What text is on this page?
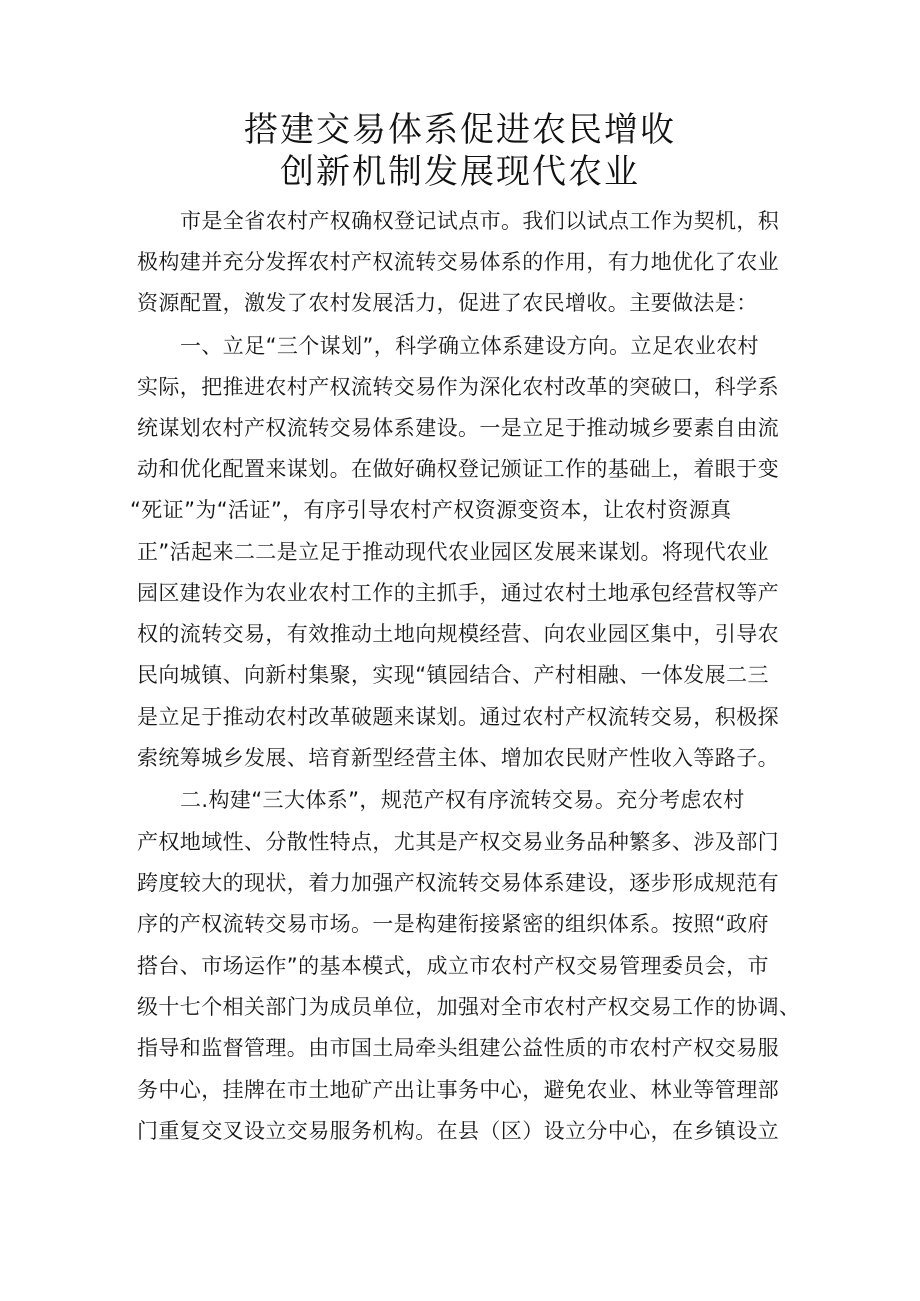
搭建交易体系促进农民增收
创新机制发展现代农业
市是全省农村产权确权登记试点市。我们以试点工作为契机，积
极构建并充分发挥农村产权流转交易体系的作用，有力地优化了农业
资源配置，激发了农村发展活力，促进了农民增收。主要做法是：
一、立足“三个谋划”，科学确立体系建设方向。立足农业农村
实际，把推进农村产权流转交易作为深化农村改革的突破口，科学系
统谋划农村产权流转交易体系建设。一是立足于推动城乡要素自由流
动和优化配置来谋划。在做好确权登记颁证工作的基础上，着眼于变
“死证”为“活证”，有序引导农村产权资源变资本，让农村资源真
正”活起来二二是立足于推动现代农业园区发展来谋划。将现代农业
园区建设作为农业农村工作的主抓手，通过农村土地承包经营权等产
权的流转交易，有效推动土地向规模经营、向农业园区集中，引导农
民向城镇、向新村集聚，实现“镇园结合、产村相融、一体发展二三
是立足于推动农村改革破题来谋划。通过农村产权流转交易，积极探
索统筹城乡发展、培育新型经营主体、增加农民财产性收入等路子。
二.构建“三大体系”，规范产权有序流转交易。充分考虑农村
产权地域性、分散性特点，尤其是产权交易业务品种繁多、涉及部门
跨度较大的现状，着力加强产权流转交易体系建设，逐步形成规范有
序的产权流转交易市场。一是构建衔接紧密的组织体系。按照“政府
搭台、市场运作”的基本模式，成立市农村产权交易管理委员会，市
级十七个相关部门为成员单位，加强对全市农村产权交易工作的协调、
指导和监督管理。由市国土局牵头组建公益性质的市农村产权交易服
务中心，挂牌在市土地矿产出让事务中心，避免农业、林业等管理部
门重复交叉设立交易服务机构。在县（区）设立分中心，在乡镇设立
